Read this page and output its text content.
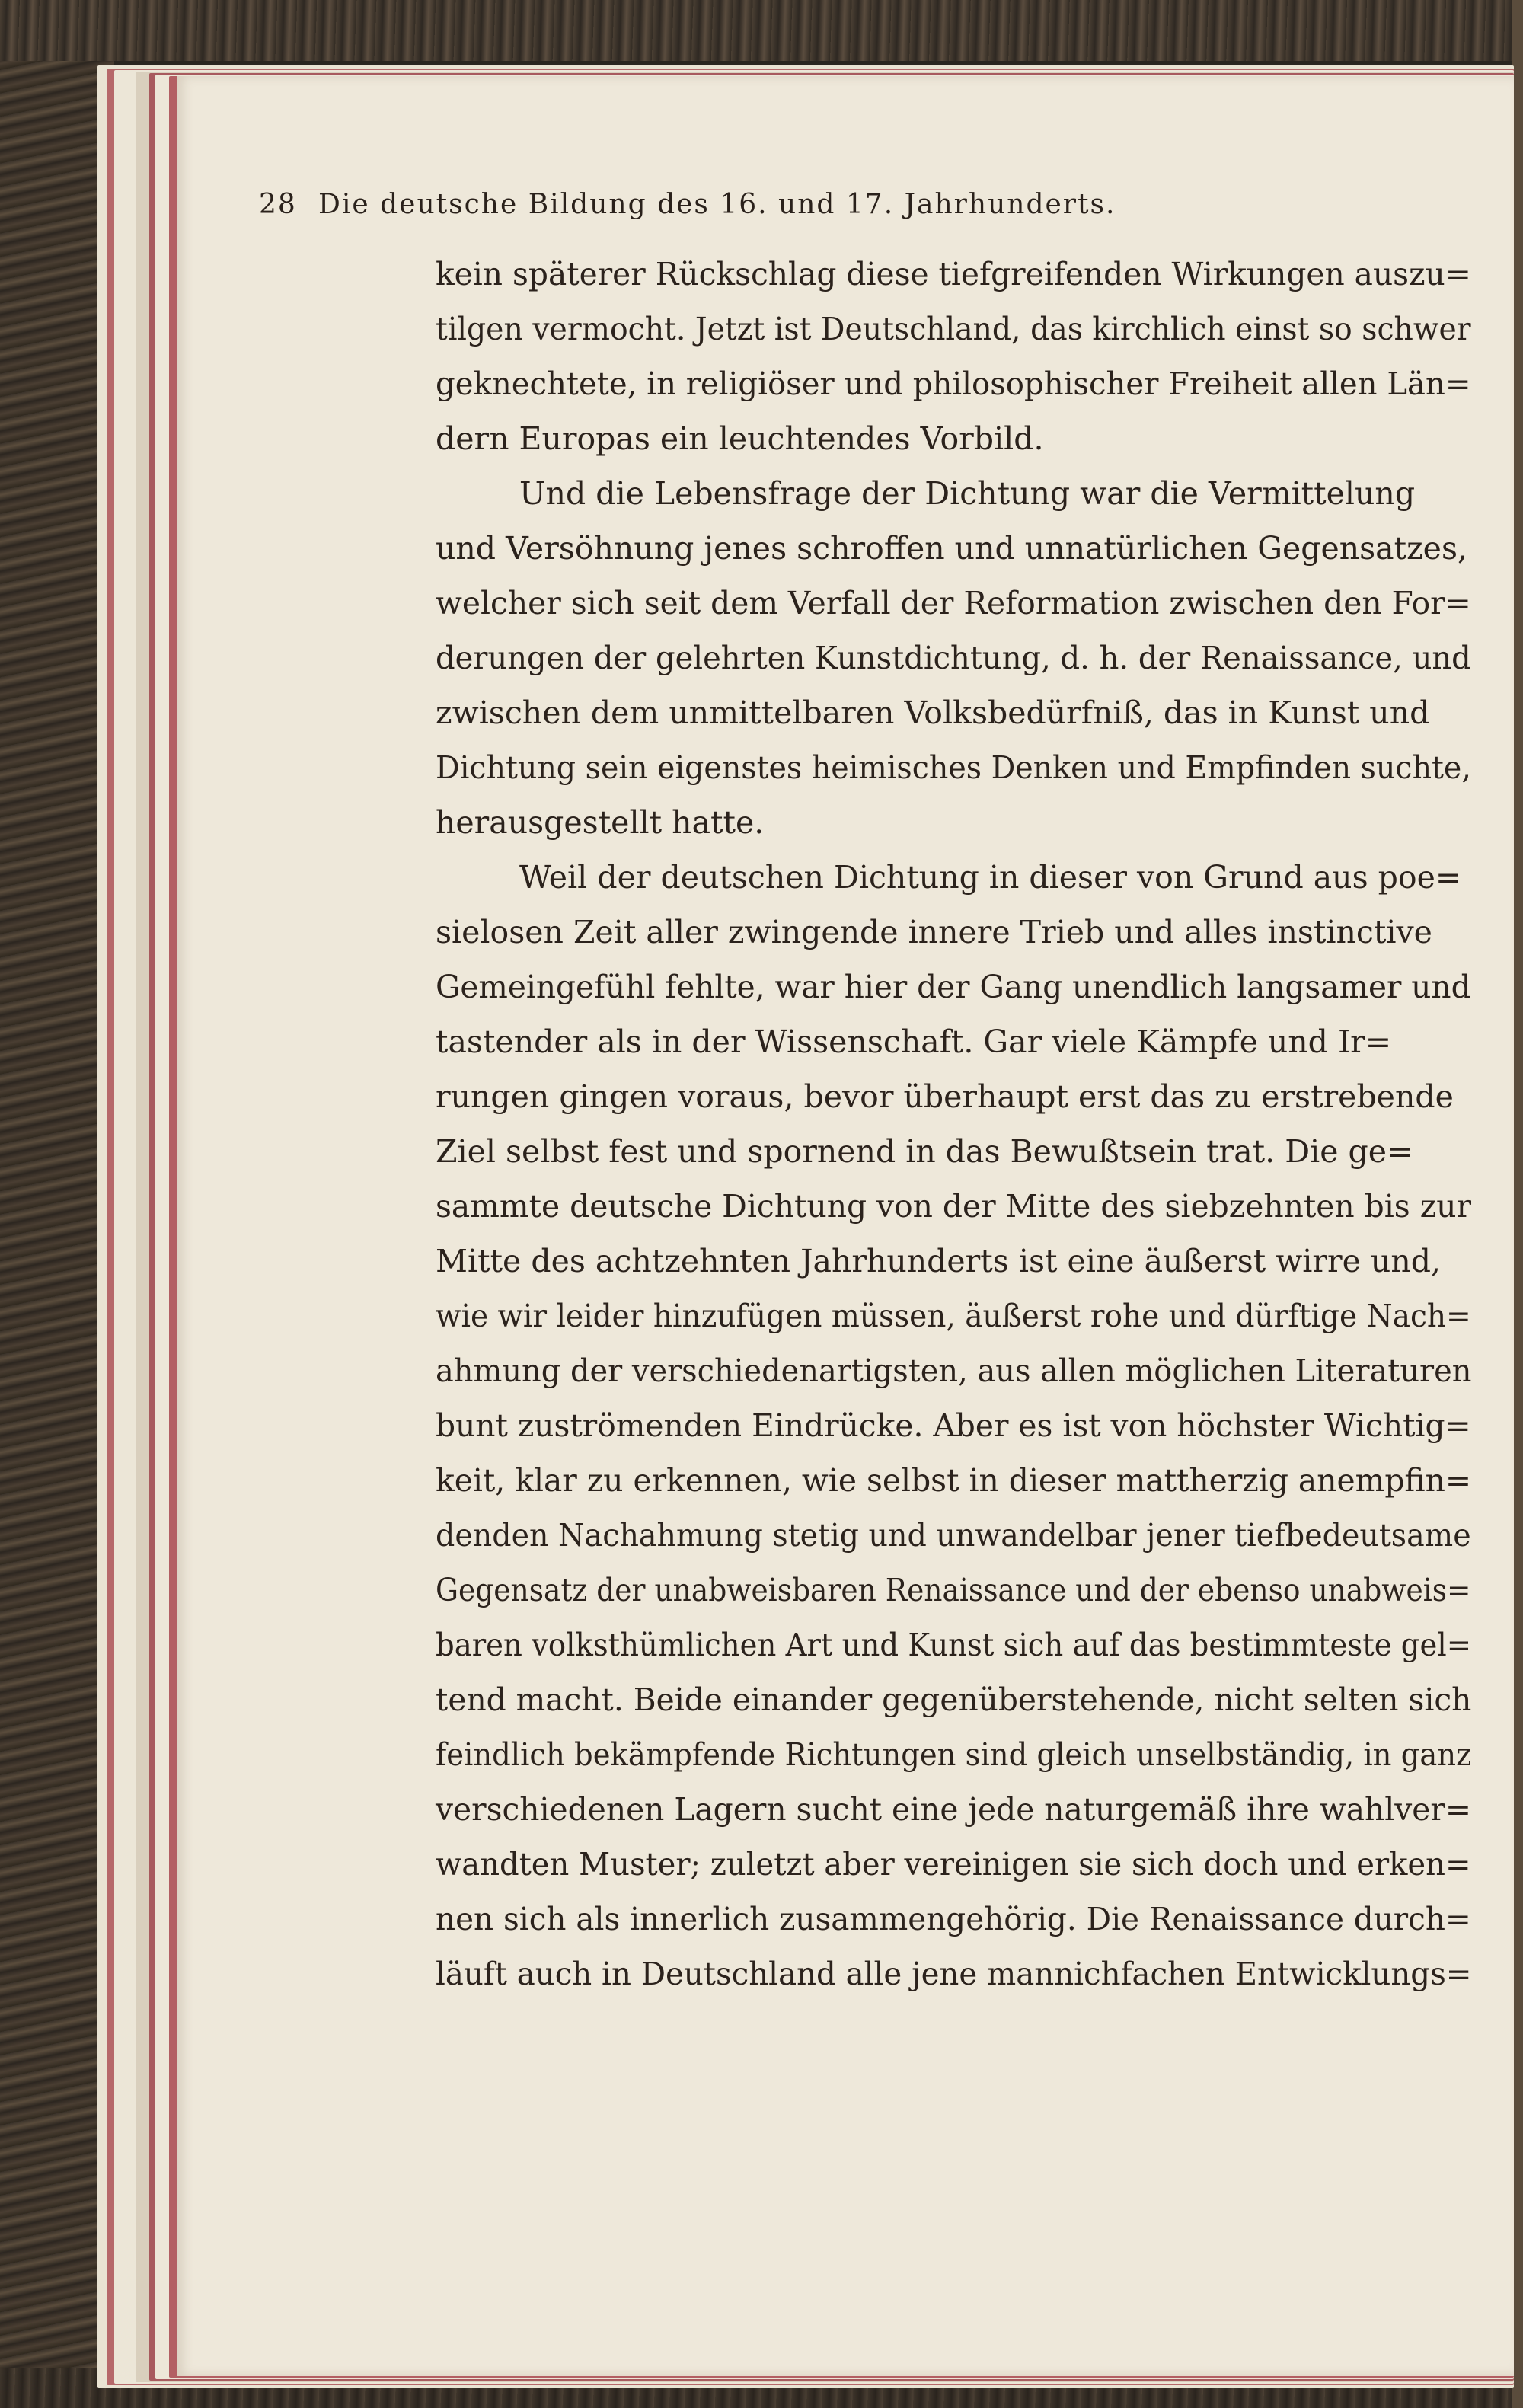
28 Die deutsche Bildung des 16. und 17. Jahrhunderts.
kein späterer Rückschlag diese tiefgreifenden Wirkungen auszu=
tilgen vermocht. Jetzt ist Deutschland, das kirchlich einst so schwer
geknechtete, in religiöser und philosophischer Freiheit allen Län=
dern Europas ein leuchtendes Vorbild.
Und die Lebensfrage der Dichtung war die Vermittelung
und Versöhnung jenes schroffen und unnatürlichen Gegensatzes,
welcher sich seit dem Verfall der Reformation zwischen den For=
derungen der gelehrten Kunstdichtung, d. h. der Renaissance, und
zwischen dem unmittelbaren Volksbedürfniß, das in Kunst und
Dichtung sein eigenstes heimisches Denken und Empfinden suchte,
herausgestellt hatte.
Weil der deutschen Dichtung in dieser von Grund aus poe=
sielosen Zeit aller zwingende innere Trieb und alles instinctive
Gemeingefühl fehlte, war hier der Gang unendlich langsamer und
tastender als in der Wissenschaft. Gar viele Kämpfe und Ir=
rungen gingen voraus, bevor überhaupt erst das zu erstrebende
Ziel selbst fest und spornend in das Bewußtsein trat. Die ge=
sammte deutsche Dichtung von der Mitte des siebzehnten bis zur
Mitte des achtzehnten Jahrhunderts ist eine äußerst wirre und,
wie wir leider hinzufügen müssen, äußerst rohe und dürftige Nach=
ahmung der verschiedenartigsten, aus allen möglichen Literaturen
bunt zuströmenden Eindrücke. Aber es ist von höchster Wichtig=
keit, klar zu erkennen, wie selbst in dieser mattherzig anempfin=
denden Nachahmung stetig und unwandelbar jener tiefbedeutsame
Gegensatz der unabweisbaren Renaissance und der ebenso unabweis=
baren volksthümlichen Art und Kunst sich auf das bestimmteste gel=
tend macht. Beide einander gegenüberstehende, nicht selten sich
feindlich bekämpfende Richtungen sind gleich unselbständig, in ganz
verschiedenen Lagern sucht eine jede naturgemäß ihre wahlver=
wandten Muster; zuletzt aber vereinigen sie sich doch und erken=
nen sich als innerlich zusammengehörig. Die Renaissance durch=
läuft auch in Deutschland alle jene mannichfachen Entwicklungs=
